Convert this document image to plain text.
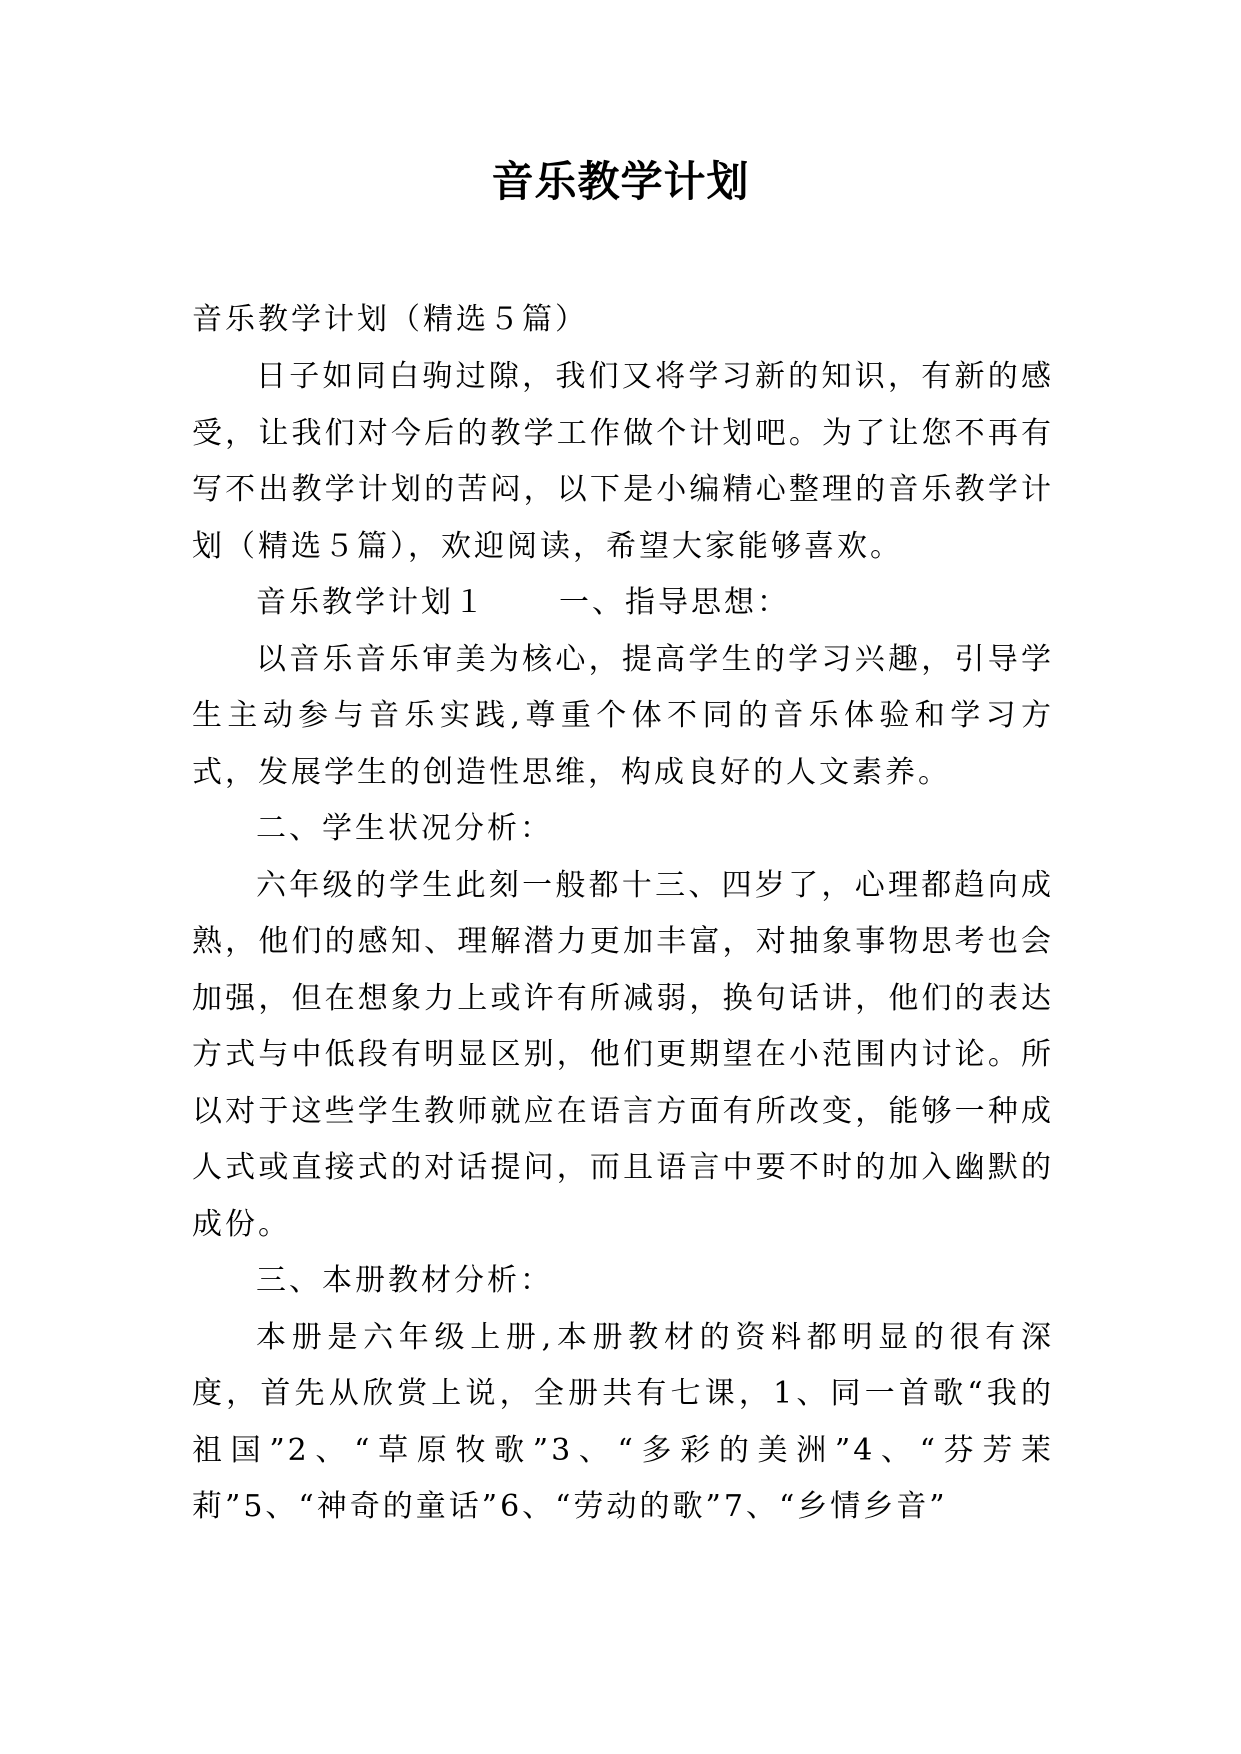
音乐教学计划
音乐教学计划（精选５篇）

日子如同白驹过隙，我们又将学习新的知识，有新的感受，让我们对今后的教学工作做个计划吧。为了让您不再有写不出教学计划的苦闷，以下是小编精心整理的音乐教学计划（精选５篇），欢迎阅读，希望大家能够喜欢。

音乐教学计划１ 一、指导思想：

以音乐音乐审美为核心，提高学生的学习兴趣，引导学生主动参与音乐实践,尊重个体不同的音乐体验和学习方式，发展学生的创造性思维，构成良好的人文素养。

二、学生状况分析：

六年级的学生此刻一般都十三、四岁了，心理都趋向成熟，他们的感知、理解潜力更加丰富，对抽象事物思考也会加强，但在想象力上或许有所减弱，换句话讲，他们的表达方式与中低段有明显区别，他们更期望在小范围内讨论。所以对于这些学生教师就应在语言方面有所改变，能够一种成人式或直接式的对话提问，而且语言中要不时的加入幽默的成份。

三、本册教材分析：

本册是六年级上册,本册教材的资料都明显的很有深度，首先从欣赏上说，全册共有七课，1、同一首歌“我的祖国”2、“草原牧歌”3、“多彩的美洲”4、“芬芳茉莉”5、“神奇的童话”6、“劳动的歌”7、“乡情乡音”
